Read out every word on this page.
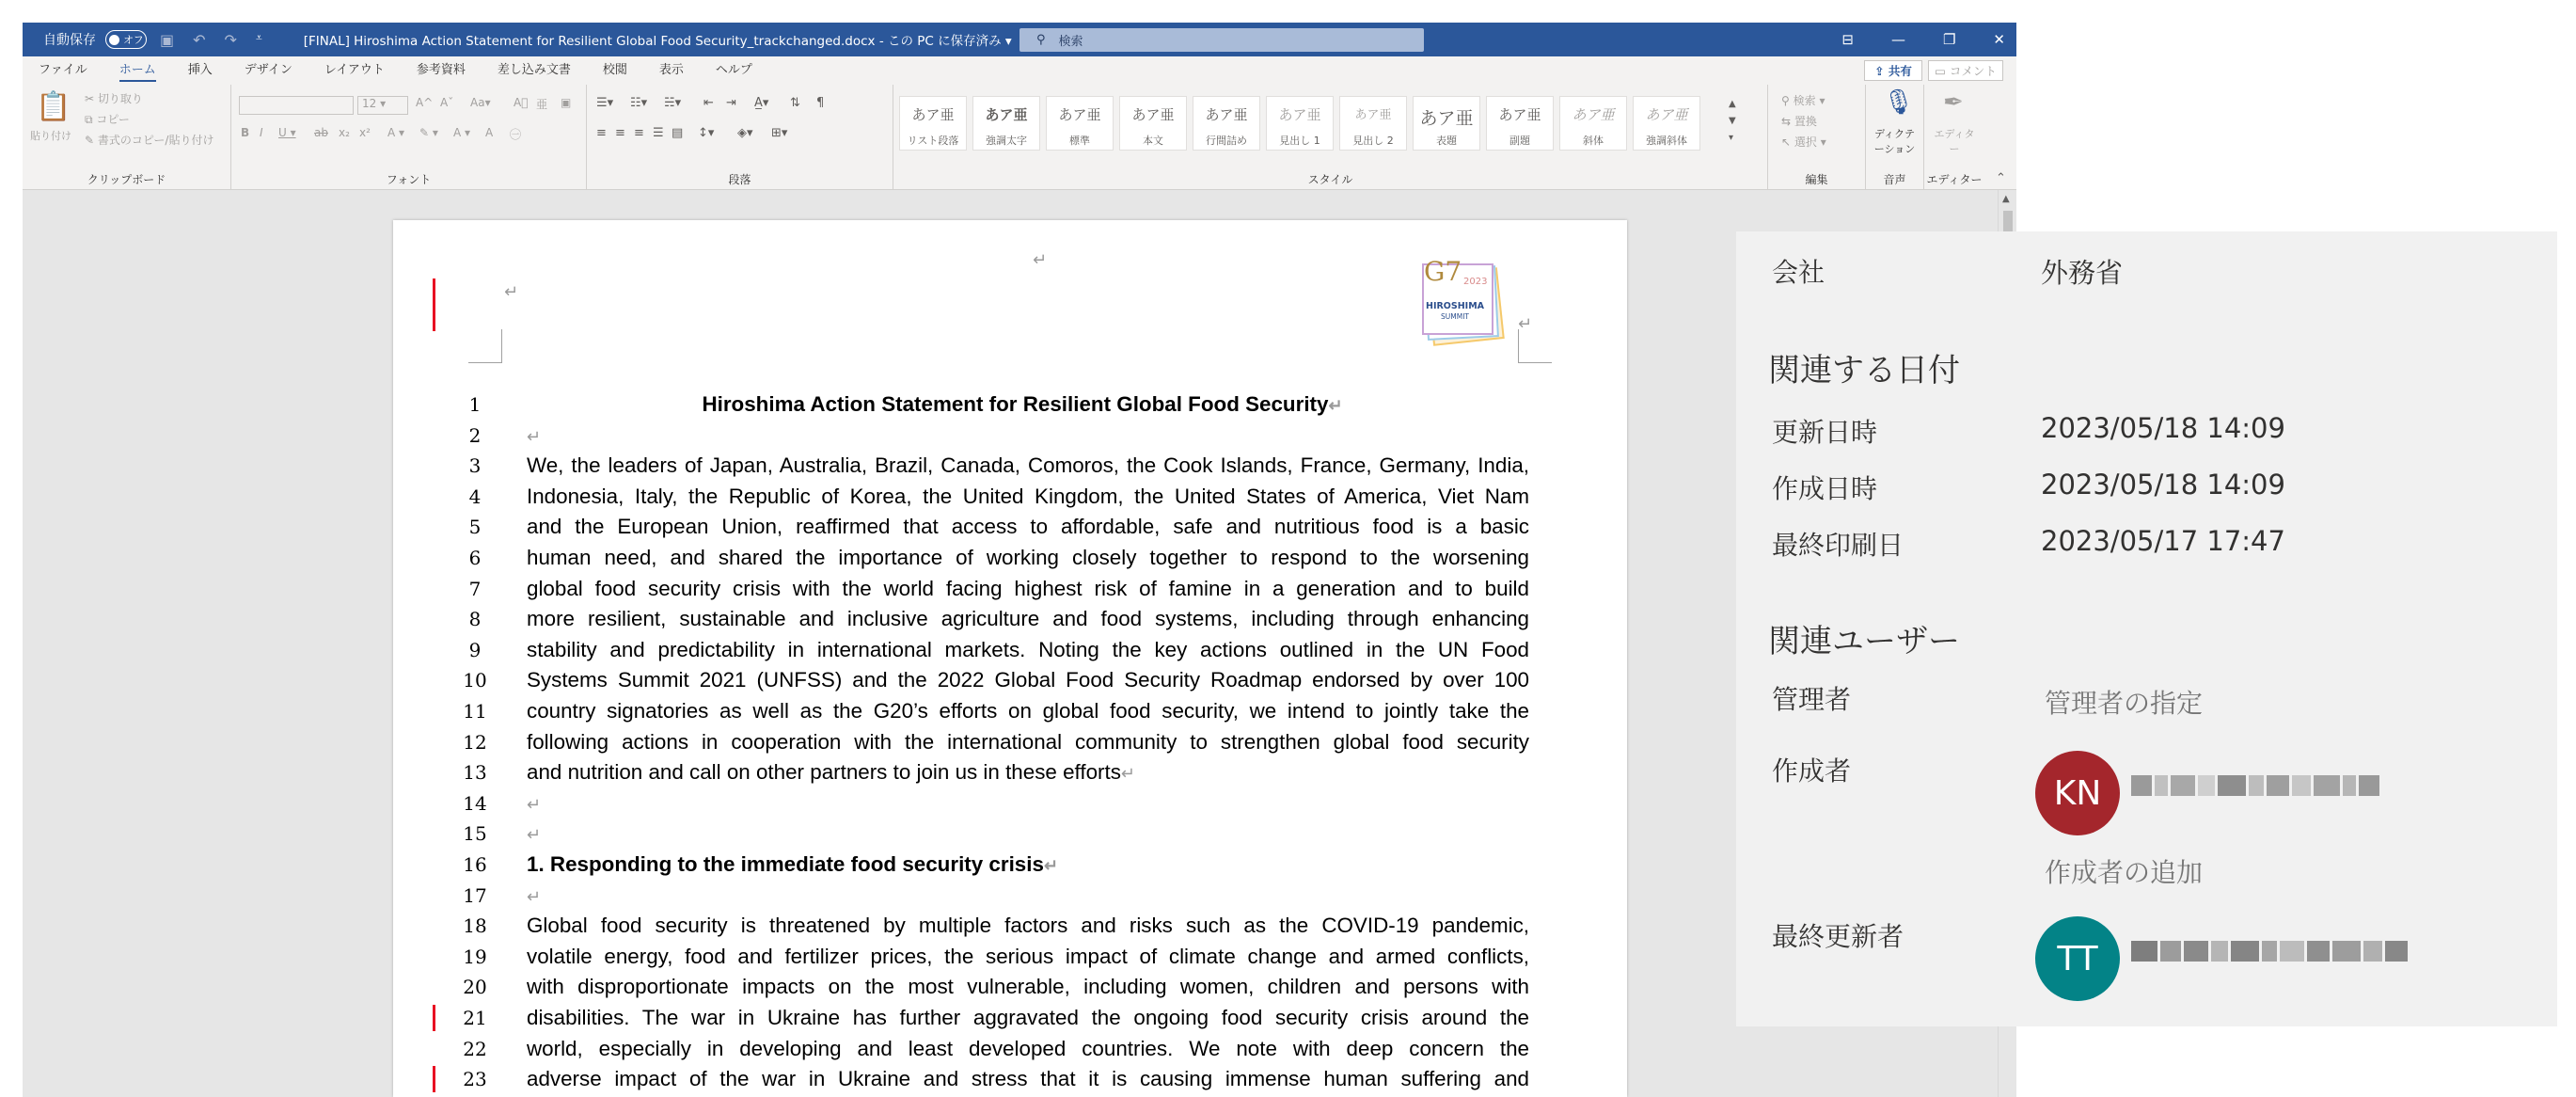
自動保存	オフ ▣ ↶ ↷ ⩡	[FINAL] Hiroshima Action Statement for Resilient Global Food Security_trackchanged.docx - この PC に保存済み ▾ ⚲ 検索	⊟	—	❐	✕
ファイル	ホーム	挿入	デザイン	レイアウト	参考資料	差し込み文書	校閲	表示	ヘルプ	⇪ 共有	▭ コメント
📋
貼り付け
✂ 切り取り
⧉ コピー
✎ 書式のコピー/貼り付け
クリップボード
12 ▾	A^ Aˇ Aa▾ A⃠ 亜 ▣
B I U ▾ ab x₂ x² A ▾ ✎ ▾ A ▾ A ㊀
フォント
☰▾ ☷▾ ☵▾ ⇤ ⇥ A̲▾ ⇅ ¶
≡ ≡ ≡ ☰ ▤ ↕▾ ◈▾ ⊞▾
段落
あア亜
リスト段落
あア亜
強調太字
あア亜
標準
あア亜
本文
あア亜
行間詰め
あア亜
見出し 1
あア亜
見出し 2
あア亜
表題
あア亜
副題
あア亜
斜体
あア亜
強調斜体
▲
▼
▾
スタイル
⚲ 検索 ▾
⇆ 置換
↖ 選択 ▾
編集
🎙
ディクテーション
音声
✒
エディター
エディター ⌃
▲
↵
↵
↵
G7 2023
HIROSHIMA
SUMMIT
1	Hiroshima Action Statement for Resilient Global Food Security↵
2	↵
3	We, the leaders of Japan, Australia, Brazil, Canada, Comoros, the Cook Islands, France, Germany, India,
4	Indonesia, Italy, the Republic of Korea, the United Kingdom, the United States of America, Viet Nam
5	and the European Union, reaffirmed that access to affordable, safe and nutritious food is a basic
6	human need, and shared the importance of working closely together to respond to the worsening
7	global food security crisis with the world facing highest risk of famine in a generation and to build
8	more resilient, sustainable and inclusive agriculture and food systems, including through enhancing
9	stability and predictability in international markets. Noting the key actions outlined in the UN Food
10 Systems Summit 2021 (UNFSS) and the 2022 Global Food Security Roadmap endorsed by over 100
11 country signatories as well as the G20’s efforts on global food security, we intend to jointly take the
12 following actions in cooperation with the international community to strengthen global food security
13 and nutrition and call on other partners to join us in these efforts↵
14 ↵
15 ↵
16 1. Responding to the immediate food security crisis↵
17 ↵
18 Global food security is threatened by multiple factors and risks such as the COVID-19 pandemic,
19 volatile energy, food and fertilizer prices, the serious impact of climate change and armed conflicts,
20 with disproportionate impacts on the most vulnerable, including women, children and persons with
21 disabilities. The war in Ukraine has further aggravated the ongoing food security crisis around the
22 world, especially in developing and least developed countries. We note with deep concern the
23 adverse impact of the war in Ukraine and stress that it is causing immense human suffering and
会社	外務省
関連する日付
更新日時	2023/05/18 14:09
作成日時	2023/05/18 14:09
最終印刷日	2023/05/17 17:47
関連ユーザー
管理者	管理者の指定
作成者
KN
作成者の追加
最終更新者
TT
